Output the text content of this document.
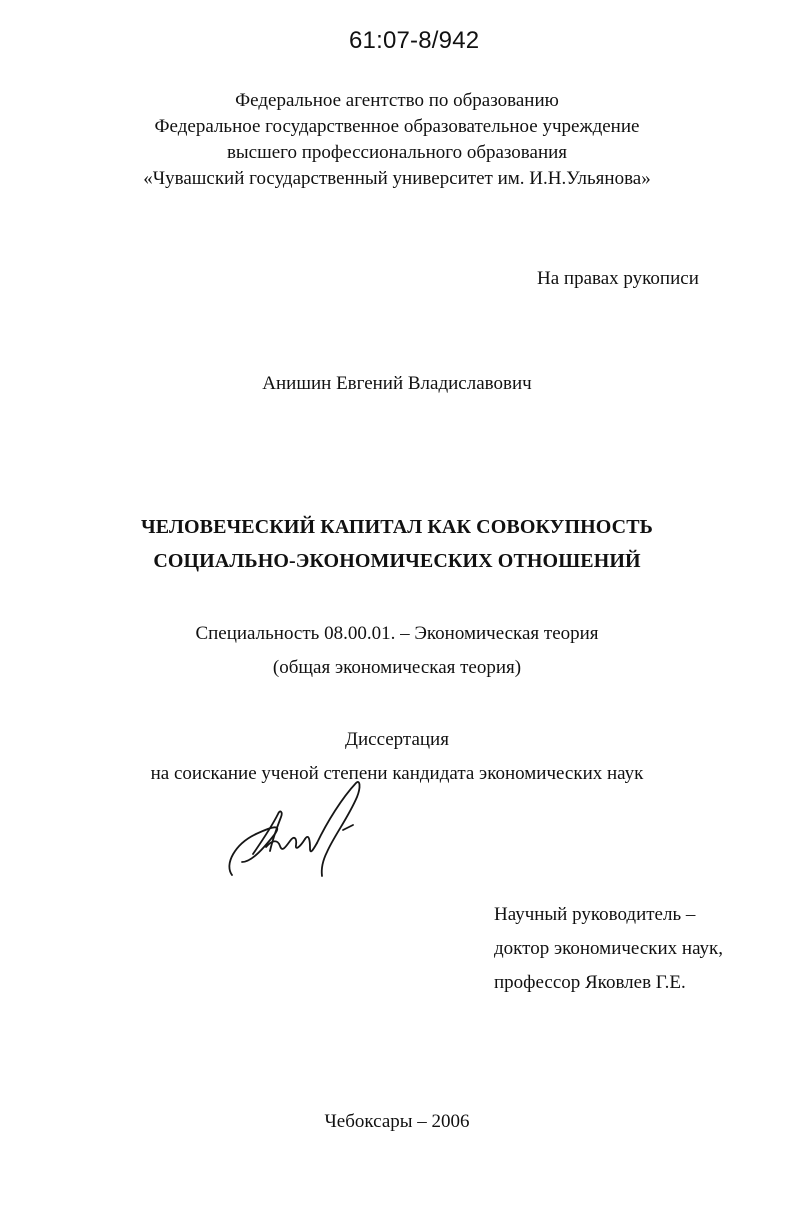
61:07-8/942
Федеральное агентство по образованию
Федеральное государственное образовательное учреждение
высшего профессионального образования
«Чувашский государственный университет им. И.Н.Ульянова»
На правах рукописи
Анишин Евгений Владиславович
ЧЕЛОВЕЧЕСКИЙ КАПИТАЛ КАК СОВОКУПНОСТЬ
СОЦИАЛЬНО-ЭКОНОМИЧЕСКИХ ОТНОШЕНИЙ
Специальность 08.00.01. – Экономическая теория
(общая экономическая теория)
Диссертация
на соискание ученой степени кандидата экономических наук
Научный руководитель –
доктор экономических наук,
профессор Яковлев Г.Е.
Чебоксары – 2006
